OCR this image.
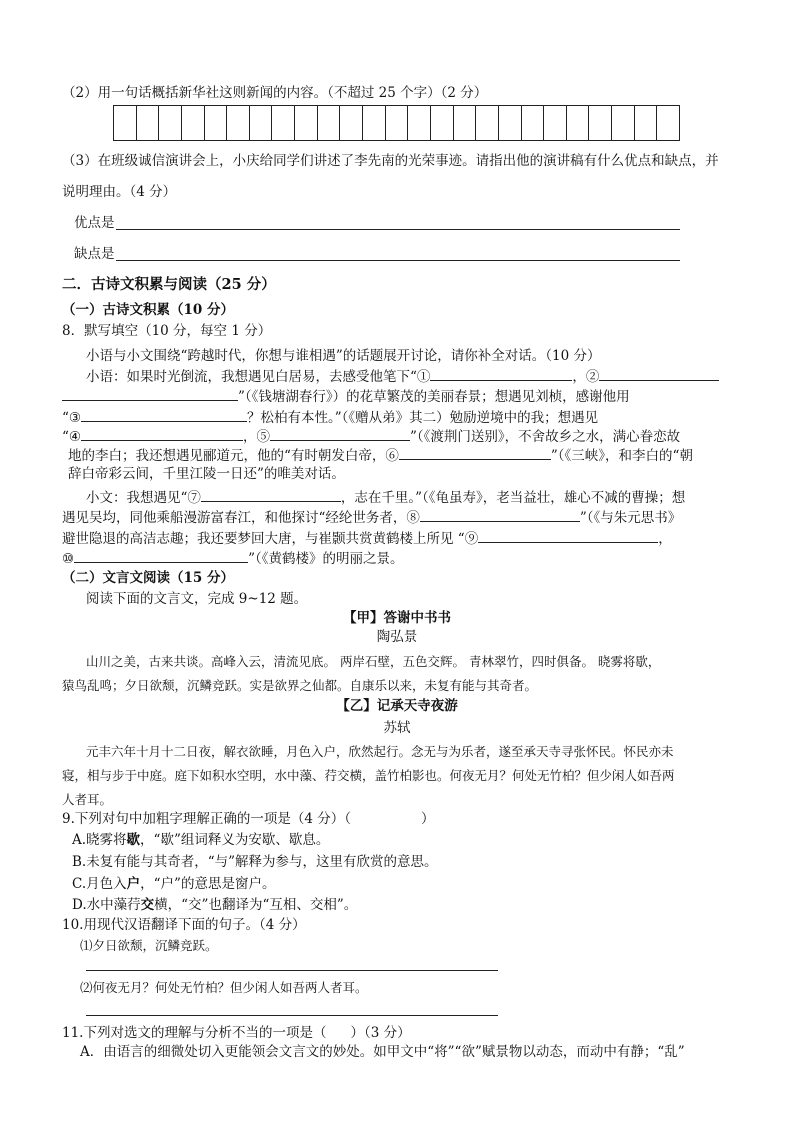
（2）用一句话概括新华社这则新闻的内容。（不超过 25 个字）（2 分）
（3）在班级诚信演讲会上，小庆给同学们讲述了李先南的光荣事迹。请指出他的演讲稿有什么优点和缺点，并
说明理由。（4 分）
优点是
缺点是
二．古诗文积累与阅读（25 分）
（一）古诗文积累（10 分）
8．默写填空（10 分，每空 1 分）
小语与小文围绕“跨越时代，你想与谁相遇”的话题展开讨论，请你补全对话。（10 分）
小语：如果时光倒流，我想遇见白居易，去感受他笔下“①	，②
”（《钱塘湖春行》）的花草繁茂的美丽春景；想遇见刘桢，感谢他用
“③	？松柏有本性。”（《赠从弟》其二）勉励逆境中的我；想遇见
“④	，⑤	”（《渡荆门送别》，不舍故乡之水，满心眷恋故
地的李白；我还想遇见郦道元，他的“有时朝发白帝，⑥	”（《三峡》，和李白的“朝
辞白帝彩云间，千里江陵一日还”的唯美对话。
小文：我想遇见“⑦	，志在千里。”（《龟虽寿》，老当益壮，雄心不减的曹操；想
遇见吴均，同他乘船漫游富春江，和他探讨“经纶世务者，⑧	”（《与朱元思书》
避世隐退的高洁志趣；我还要梦回大唐，与崔颢共赏黄鹤楼上所见 “⑨	，
⑩	”（《黄鹤楼》的明丽之景。
（二）文言文阅读（15 分）
阅读下面的文言文，完成 9~12 题。
【甲】答谢中书书
陶弘景
山川之美，古来共谈。高峰入云，清流见底。 两岸石壁，五色交辉。 青林翠竹，四时俱备。 晓雾将歇，
猿鸟乱鸣；夕日欲颓，沉鳞竞跃。实是欲界之仙都。自康乐以来，未复有能与其奇者。
【乙】记承天寺夜游
苏轼
元丰六年十月十二日夜，解衣欲睡，月色入户，欣然起行。念无与为乐者，遂至承天寺寻张怀民。怀民亦未
寝，相与步于中庭。庭下如积水空明，水中藻、荇交横，盖竹柏影也。何夜无月？何处无竹柏？但少闲人如吾两
人者耳。
9.下列对句中加粗字理解正确的一项是（4 分）（	）
A.晓雾将歇，“歇”组词释义为安歇、歇息。
B.未复有能与其奇者，“与”解释为参与，这里有欣赏的意思。
C.月色入户，“户”的意思是窗户。
D.水中藻荇交横，“交”也翻译为“互相、交相”。
10.用现代汉语翻译下面的句子。（4 分）
⑴夕日欲颓，沉鳞竞跃。
⑵何夜无月？何处无竹柏？但少闲人如吾两人者耳。
11.下列对选文的理解与分析不当的一项是（ ）（3 分）
A．由语言的细微处切入更能领会文言文的妙处。如甲文中“将”“欲”赋景物以动态，而动中有静；“乱”
